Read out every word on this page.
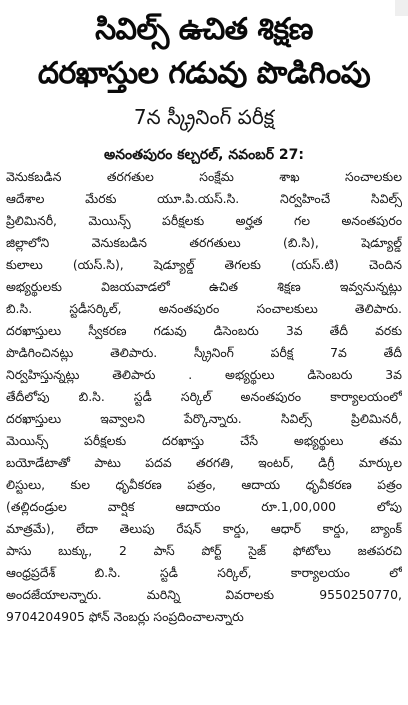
సివిల్స్ ఉచిత శిక్షణ
దరఖాస్తుల గడువు పొడిగింపు
7న స్క్రీనింగ్ పరీక్ష
అనంతపురం కల్చరల్, నవంబర్ 27:
వెనుకబడిన తరగతుల సంక్షేమ శాఖ సంచాలకుల
ఆదేశాల మేరకు యూ.పి.యస్.సి. నిర్వహించే సివిల్స్
ప్రిలిమినరీ, మెయిన్స్ పరీక్షలకు అర్హత గల అనంతపురం
జిల్లాలోని వెనుకబడిన తరగతులు (బి.సి), షెడ్యూల్డ్
కులాలు (యస్.సి), షెడ్యూల్డ్ తెగలకు (యస్.టి) చెందిన
అభ్యర్థులకు విజయవాడలో ఉచిత శిక్షణ ఇవ్వనున్నట్లు
బి.సి. స్టడీసర్కిల్, అనంతపురం సంచాలకులు తెలిపారు.
దరఖాస్తులు స్వీకరణ గడువు డిసెంబరు 3వ తేదీ వరకు
పొడిగించినట్లు తెలిపారు. స్క్రీనింగ్ పరీక్ష 7వ తేదీ
నిర్వహిస్తున్నట్లు తెలిపారు . అభ్యర్థులు డిసెంబరు 3వ
తేదీలోపు బి.సి. స్టడీ సర్కిల్ అనంతపురం కార్యాలయంలో
దరఖాస్తులు ఇవ్వాలని పేర్కొన్నారు. సివిల్స్ ప్రిలిమినరీ,
మెయిన్స్ పరీక్షలకు దరఖాస్తు చేసే అభ్యర్థులు తమ
బయోడేటాతో పాటు పదవ తరగతి, ఇంటర్, డిగ్రీ మార్కుల
లిస్టులు, కుల ధృవీకరణ పత్రం, ఆదాయ ధృవీకరణ పత్రం
(తల్లిదండ్రుల వార్షిక ఆదాయం రూ.1,00,000 లోపు
మాత్రమే), లేదా తెలుపు రేషన్ కార్డు, ఆధార్ కార్డు, బ్యాంక్
పాసు బుక్కు, 2 పాస్ పోర్ట్ సైజ్ ఫోటోలు జతపరచి
ఆంధ్రప్రదేశ్ బి.సి. స్టడీ సర్కిల్, కార్యాలయం లో
అందజేయాలన్నారు. మరిన్ని వివరాలకు 9550250770,
9704204905 ఫోన్ నెంబర్లు సంప్రదించాలన్నారు
